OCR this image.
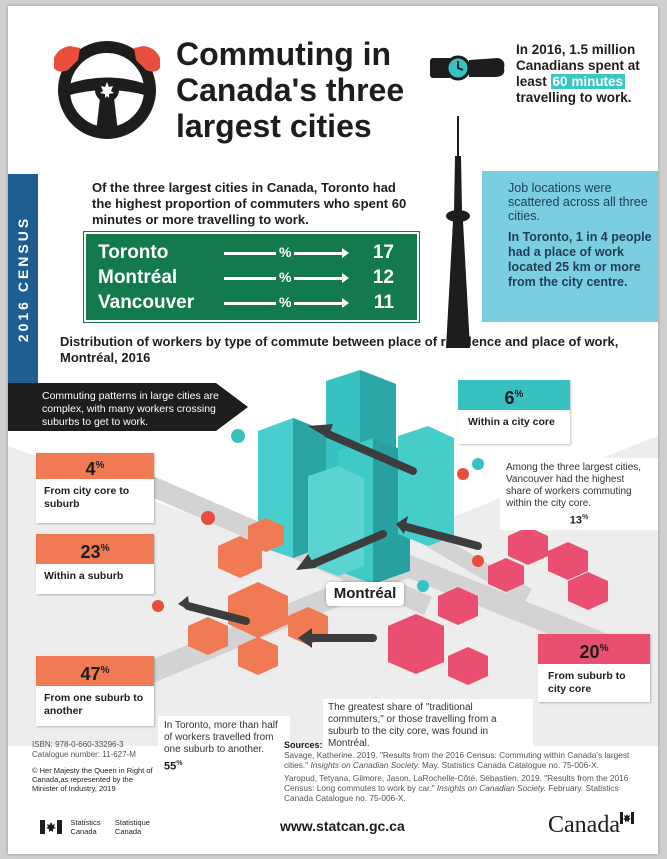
2016 CENSUS
Commuting in Canada's three largest cities
In 2016, 1.5 million Canadians spent at least 60 minutes travelling to work.
Of the three largest cities in Canada, Toronto had the highest proportion of commuters who spent 60 minutes or more travelling to work.
Toronto	%	17
Montréal	%	12
Vancouver	%	11
Job locations were scattered across all three cities.
In Toronto, 1 in 4 people had a place of work located 25 km or more from the city centre.
Distribution of workers by type of commute between place of residence and place of work, Montréal, 2016
Commuting patterns in large cities are complex, with many workers crossing suburbs to get to work.
6%
Within a city core
4%
From city core to suburb
23%
Within a suburb
47%
From one suburb to another
20%
From suburb to city core
Montréal
Among the three largest cities, Vancouver had the highest share of workers commuting within the city core.
13%
The greatest share of "traditional commuters," or those travelling from a suburb to the city core, was found in Montréal.
In Toronto, more than half of workers travelled from one suburb to another.
55%
ISBN: 978-0-660-33296-3
Catalogue number: 11-627-M
© Her Majesty the Queen in Right of Canada,as represented by the Minister of Industry, 2019
Sources:
Savage, Katherine. 2019. "Results from the 2016 Census: Commuting within Canada's largest cities." Insights on Canadian Society. May. Statistics Canada Catalogue no. 75-006-X.
Yaropud, Tetyana, Gilmore, Jason, LaRochelle-Côté, Sébastien. 2019. "Results from the 2016 Census: Long commutes to work by car." Insights on Canadian Society. February. Statistics Canada Catalogue no. 75-006-X.
Statistics Canada Statistique Canada	www.statcan.gc.ca	Canada
